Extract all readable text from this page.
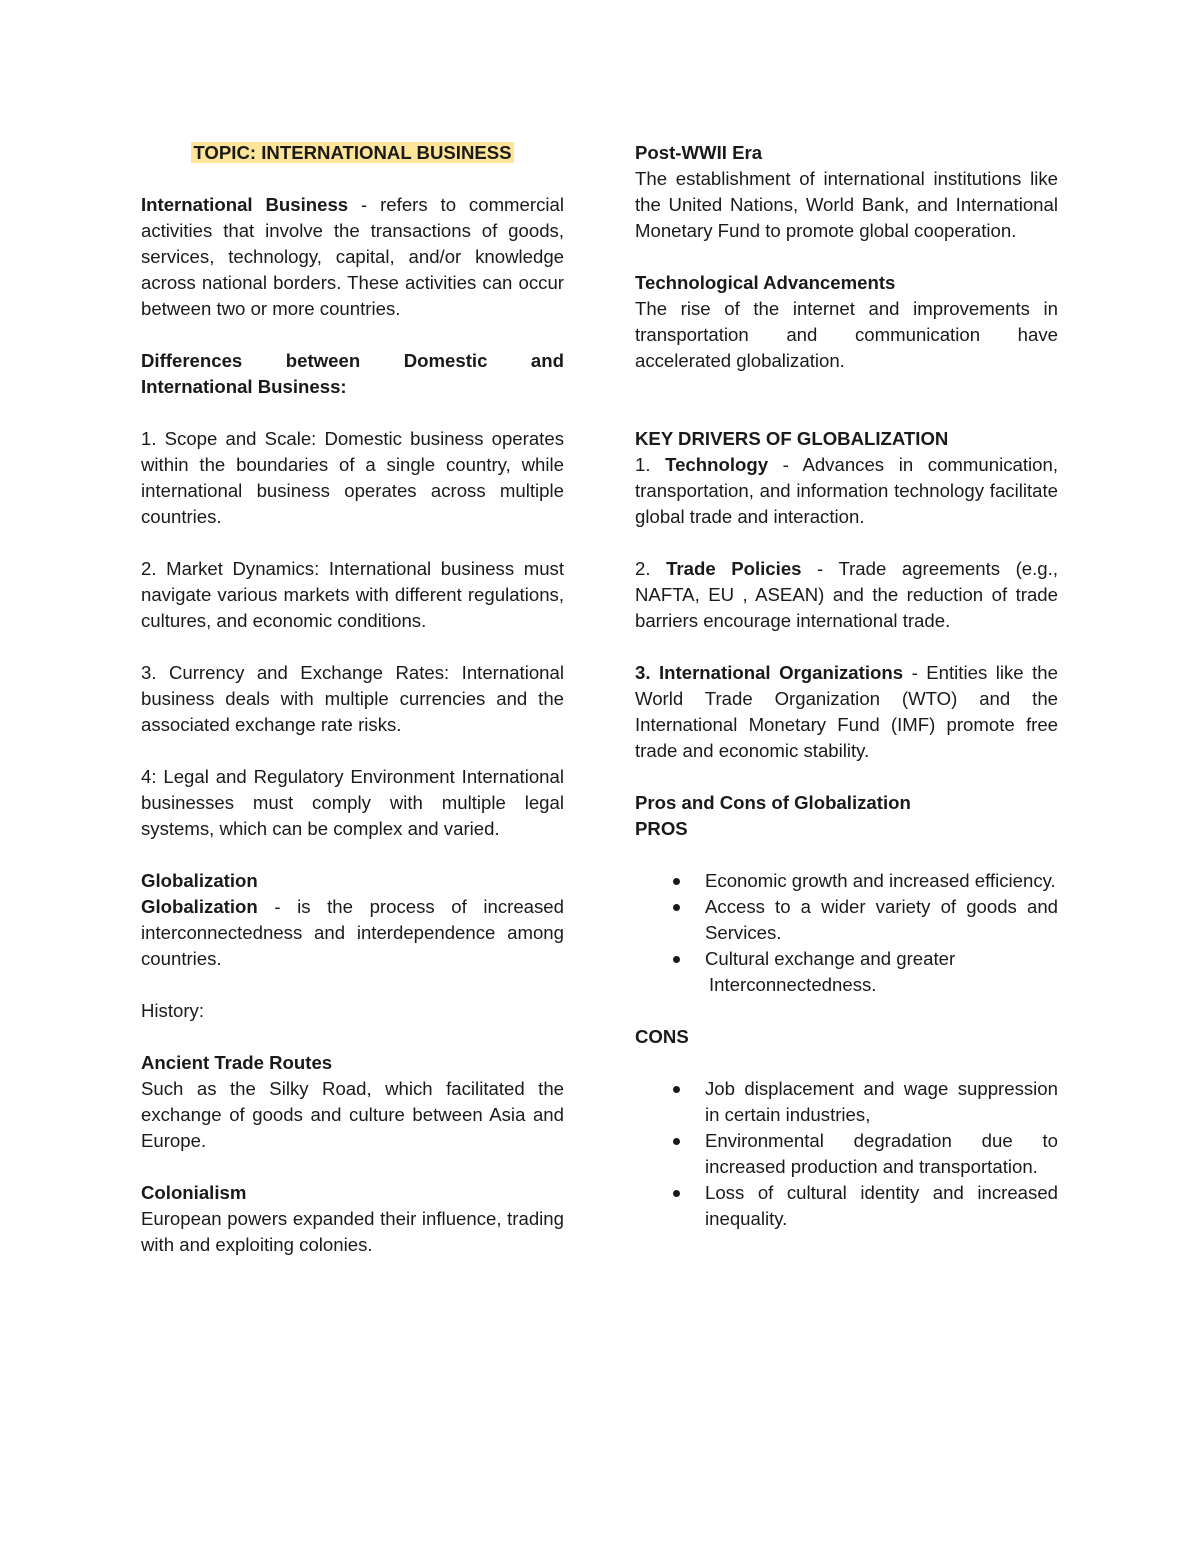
TOPIC: INTERNATIONAL BUSINESS

International Business - refers to commercial activities that involve the transactions of goods, services, technology, capital, and/or knowledge across national borders. These activities can occur between two or more countries.

Differences between Domestic and International Business:

1. Scope and Scale: Domestic business operates within the boundaries of a single country, while international business operates across multiple countries.

2. Market Dynamics: International business must navigate various markets with different regulations, cultures, and economic conditions.

3. Currency and Exchange Rates: International business deals with multiple currencies and the associated exchange rate risks.

4: Legal and Regulatory Environment International businesses must comply with multiple legal systems, which can be complex and varied.

Globalization

Globalization - is the process of increased interconnectedness and interdependence among countries.

History:

Ancient Trade Routes

Such as the Silky Road, which facilitated the exchange of goods and culture between Asia and Europe.

Colonialism

European powers expanded their influence, trading with and exploiting colonies.

Post-WWII Era

The establishment of international institutions like the United Nations, World Bank, and International Monetary Fund to promote global cooperation.

Technological Advancements

The rise of the internet and improvements in transportation and communication have accelerated globalization.

KEY DRIVERS OF GLOBALIZATION

1. Technology - Advances in communication, transportation, and information technology facilitate global trade and interaction.

2. Trade Policies - Trade agreements (e.g., NAFTA, EU , ASEAN) and the reduction of trade barriers encourage international trade.

3. International Organizations - Entities like the World Trade Organization (WTO) and the International Monetary Fund (IMF) promote free trade and economic stability.

Pros and Cons of Globalization

PROS

Economic growth and increased efficiency.
Access to a wider variety of goods and Services.
Cultural exchange and greater
Interconnectedness.

CONS

Job displacement and wage suppression in certain industries,
Environmental degradation due to increased production and transportation.
Loss of cultural identity and increased inequality.
